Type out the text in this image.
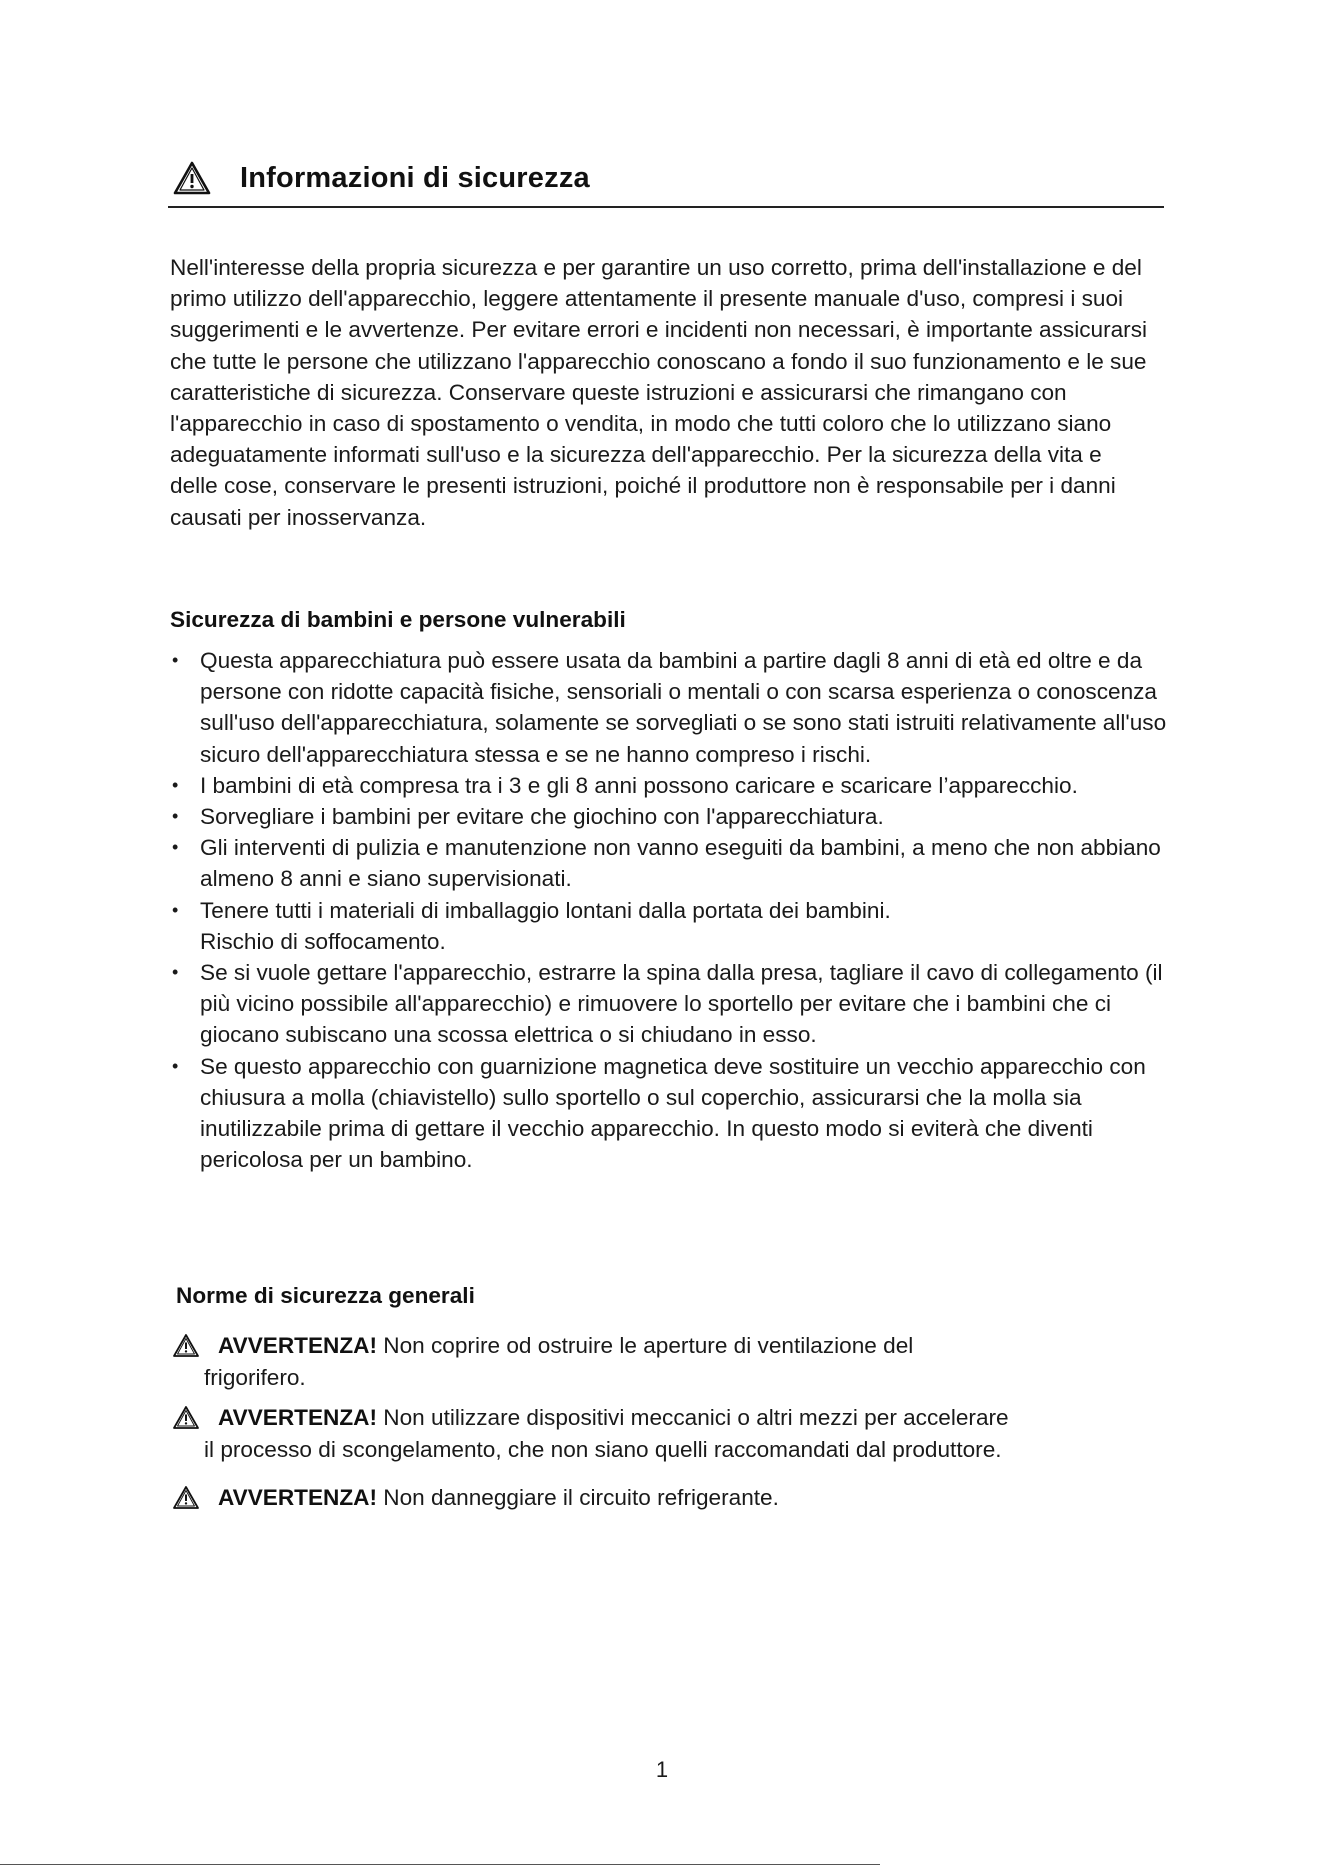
Informazioni di sicurezza

Nell'interesse della propria sicurezza e per garantire un uso corretto, prima dell'installazione e del primo utilizzo dell'apparecchio, leggere attentamente il presente manuale d'uso, compresi i suoi suggerimenti e le avvertenze. Per evitare errori e incidenti non necessari, è importante assicurarsi che tutte le persone che utilizzano l'apparecchio conoscano a fondo il suo funzionamento e le sue caratteristiche di sicurezza. Conservare queste istruzioni e assicurarsi che rimangano con l'apparecchio in caso di spostamento o vendita, in modo che tutti coloro che lo utilizzano siano adeguatamente informati sull'uso e la sicurezza dell'apparecchio. Per la sicurezza della vita e delle cose, conservare le presenti istruzioni, poiché il produttore non è responsabile per i danni causati per inosservanza.

Sicurezza di bambini e persone vulnerabili
• Questa apparecchiatura può essere usata da bambini a partire dagli 8 anni di età ed oltre e da persone con ridotte capacità fisiche, sensoriali o mentali o con scarsa esperienza o conoscenza sull'uso dell'apparecchiatura, solamente se sorvegliati o se sono stati istruiti relativamente all'uso sicuro dell'apparecchiatura stessa e se ne hanno compreso i rischi.
• I bambini di età compresa tra i 3 e gli 8 anni possono caricare e scaricare l’apparecchio.
• Sorvegliare i bambini per evitare che giochino con l'apparecchiatura.
• Gli interventi di pulizia e manutenzione non vanno eseguiti da bambini, a meno che non abbiano almeno 8 anni e siano supervisionati.
• Tenere tutti i materiali di imballaggio lontani dalla portata dei bambini.
Rischio di soffocamento.
• Se si vuole gettare l'apparecchio, estrarre la spina dalla presa, tagliare il cavo di collegamento (il più vicino possibile all'apparecchio) e rimuovere lo sportello per evitare che i bambini che ci giocano subiscano una scossa elettrica o si chiudano in esso.
• Se questo apparecchio con guarnizione magnetica deve sostituire un vecchio apparecchio con chiusura a molla (chiavistello) sullo sportello o sul coperchio, assicurarsi che la molla sia inutilizzabile prima di gettare il vecchio apparecchio. In questo modo si eviterà che diventi pericolosa per un bambino.
Norme di sicurezza generali
AVVERTENZA! Non coprire od ostruire le aperture di ventilazione del
frigorifero.
AVVERTENZA! Non utilizzare dispositivi meccanici o altri mezzi per accelerare
il processo di scongelamento, che non siano quelli raccomandati dal produttore.
AVVERTENZA! Non danneggiare il circuito refrigerante.
1
